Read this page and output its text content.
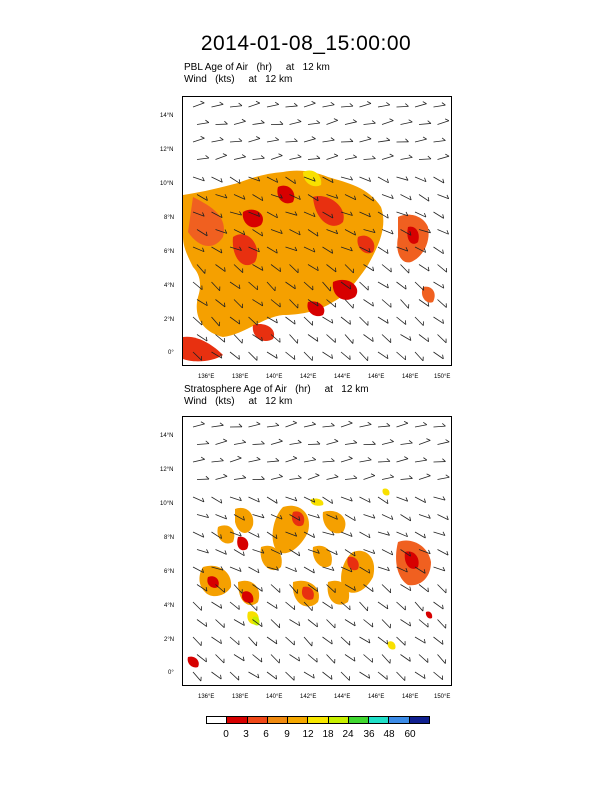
2014-01-08_15:00:00
PBL Age of Air   (hr)     at   12 km
Wind   (kts)     at   12 km
14°N
12°N
10°N
8°N
6°N
4°N
2°N
0°
136°E	138°E	140°E	142°E	144°E	146°E	148°E	150°E
Stratosphere Age of Air   (hr)     at   12 km
Wind   (kts)     at   12 km
14°N
12°N
10°N
8°N
6°N
4°N
2°N
0°
136°E	138°E	140°E	142°E	144°E	146°E	148°E	150°E
0 3 6 9 12 18 24 36 48 60
